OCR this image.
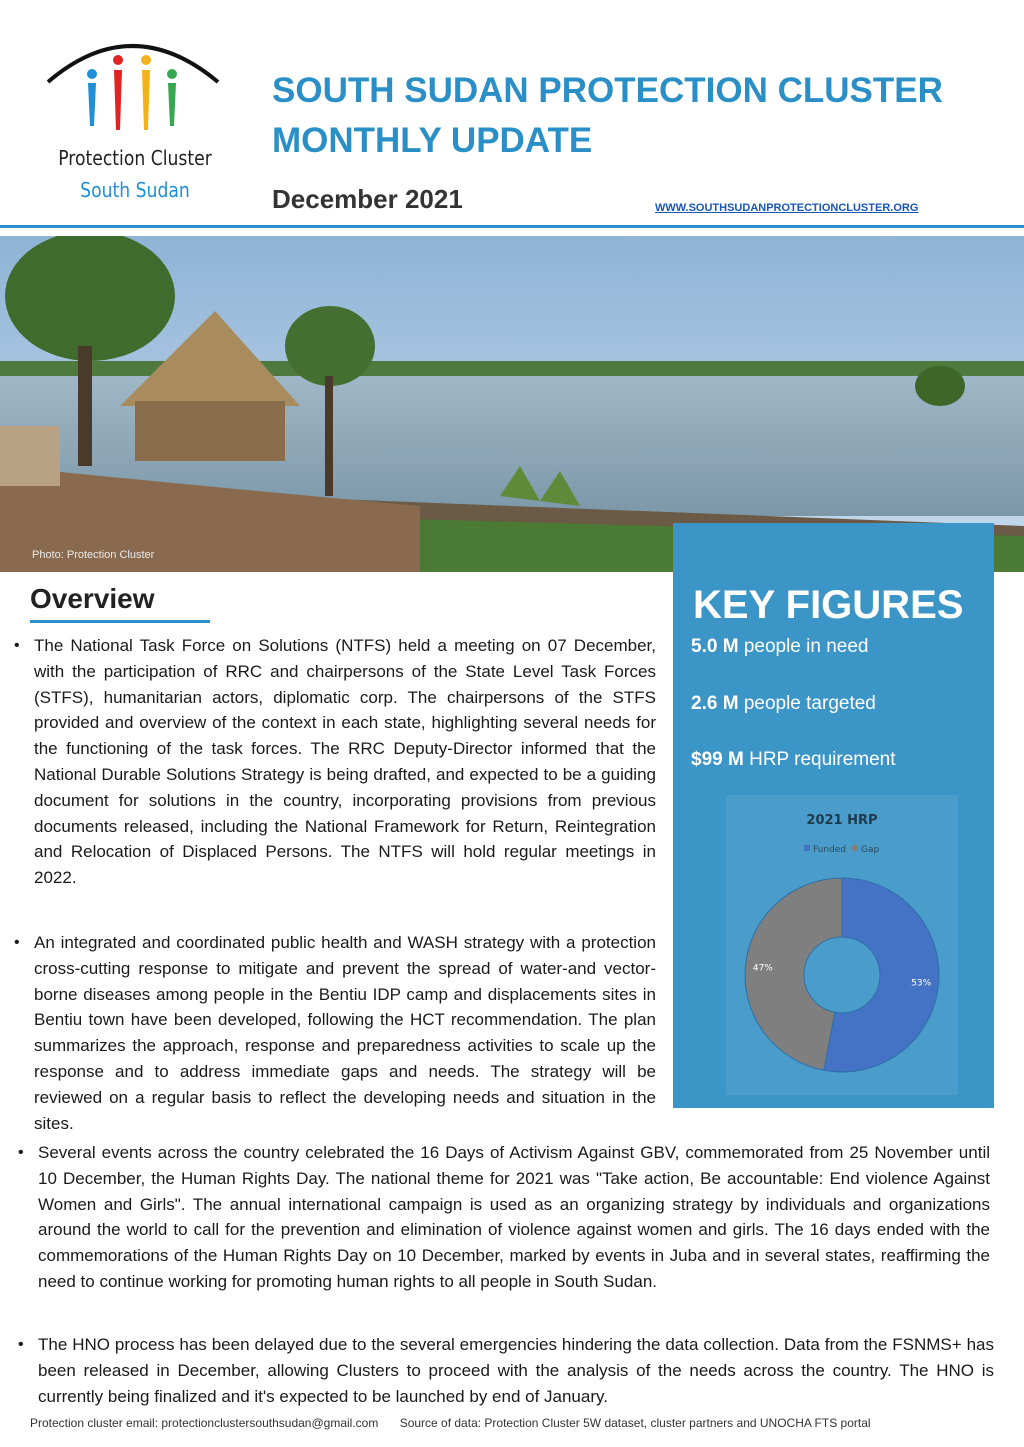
Protection Cluster
South Sudan
SOUTH SUDAN PROTECTION CLUSTER
MONTHLY UPDATE
December 2021	WWW.SOUTHSUDANPROTECTIONCLUSTER.ORG
Photo: Protection Cluster
Overview
• The National Task Force on Solutions (NTFS) held a meeting on 07 December, with the participation of RRC and chairpersons of the State Level Task Forces (STFS), humanitarian actors, diplomatic corp. The chairpersons of the STFS provided and overview of the context in each state, highlighting several needs for the functioning of the task forces. The RRC Deputy-Director informed that the National Durable Solutions Strategy is being drafted, and expected to be a guiding document for solutions in the country, incorporating provisions from previous documents released, including the National Framework for Return, Reintegration and Relocation of Displaced Persons. The NTFS will hold regular meetings in 2022.
• An integrated and coordinated public health and WASH strategy with a protection cross-cutting response to mitigate and prevent the spread of water-and vector- borne diseases among people in the Bentiu IDP camp and displacements sites in Bentiu town have been developed, following the HCT recommendation. The plan summarizes the approach, response and preparedness activities to scale up the response and to address immediate gaps and needs. The strategy will be reviewed on a regular basis to reflect the developing needs and situation in the sites.
• Several events across the country celebrated the 16 Days of Activism Against GBV, commemorated from 25 November until 10 December, the Human Rights Day. The national theme for 2021 was "Take action, Be accountable: End violence Against Women and Girls". The annual international campaign is used as an organizing strategy by individuals and organizations around the world to call for the prevention and elimination of violence against women and girls. The 16 days ended with the commemorations of the Human Rights Day on 10 December, marked by events in Juba and in several states, reaffirming the need to continue working for promoting human rights to all people in South Sudan.
• The HNO process has been delayed due to the several emergencies hindering the data collection. Data from the FSNMS+ has been released in December, allowing Clusters to proceed with the analysis of the needs across the country. The HNO is currently being finalized and it's expected to be launched by end of January.
KEY FIGURES
5.0 M people in need
2.6 M people targeted
$99 M HRP requirement
2021 HRP
Funded Gap
53%
47%
Protection cluster email: protectionclustersouthsudan@gmail.com Source of data: Protection Cluster 5W dataset, cluster partners and UNOCHA FTS portal
